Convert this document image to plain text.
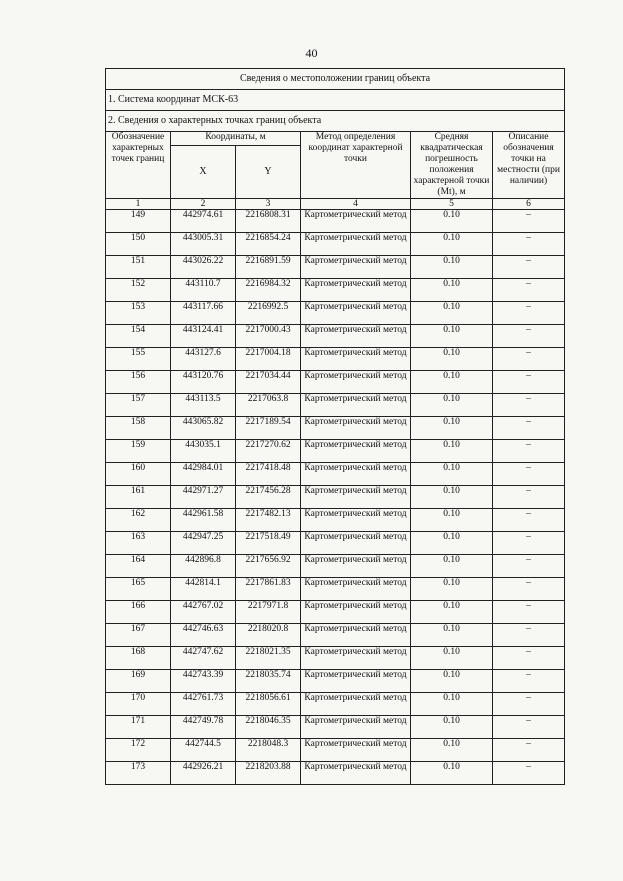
40
Сведения о местоположении границ объекта					
1. Система координат МСК-63					
2. Сведения о характерных точках границ объекта					
Обозначение характерных точек границ	Координаты, м		Метод определения координат характерной точки	Средняя квадратическая погрешность положения характерной точки (Mt), м	Описание обозначения точки на местности (при наличии)
	X	Y			
1	2	3	4	5	6
149	442974.61	2216808.31	Картометрический метод	0.10	–
150	443005.31	2216854.24	Картометрический метод	0.10	–
151	443026.22	2216891.59	Картометрический метод	0.10	–
152	443110.7	2216984.32	Картометрический метод	0.10	–
153	443117.66	2216992.5	Картометрический метод	0.10	–
154	443124.41	2217000.43	Картометрический метод	0.10	–
155	443127.6	2217004.18	Картометрический метод	0.10	–
156	443120.76	2217034.44	Картометрический метод	0.10	–
157	443113.5	2217063.8	Картометрический метод	0.10	–
158	443065.82	2217189.54	Картометрический метод	0.10	–
159	443035.1	2217270.62	Картометрический метод	0.10	–
160	442984.01	2217418.48	Картометрический метод	0.10	–
161	442971.27	2217456.28	Картометрический метод	0.10	–
162	442961.58	2217482.13	Картометрический метод	0.10	–
163	442947.25	2217518.49	Картометрический метод	0.10	–
164	442896.8	2217656.92	Картометрический метод	0.10	–
165	442814.1	2217861.83	Картометрический метод	0.10	–
166	442767.02	2217971.8	Картометрический метод	0.10	–
167	442746.63	2218020.8	Картометрический метод	0.10	–
168	442747.62	2218021.35	Картометрический метод	0.10	–
169	442743.39	2218035.74	Картометрический метод	0.10	–
170	442761.73	2218056.61	Картометрический метод	0.10	–
171	442749.78	2218046.35	Картометрический метод	0.10	–
172	442744.5	2218048.3	Картометрический метод	0.10	–
173	442926.21	2218203.88	Картометрический метод	0.10	–
